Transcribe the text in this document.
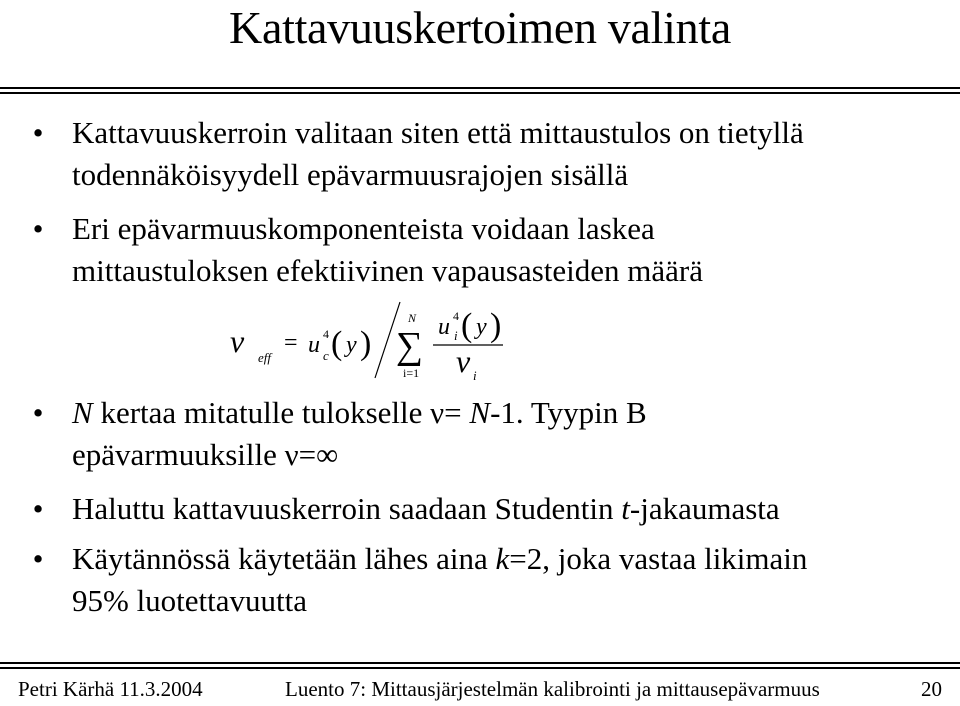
Kattavuuskertoimen valinta
• Kattavuuskerroin valitaan siten että mittaustulos on tietyllä
todennäköisyydell epävarmuusrajojen sisällä
• Eri epävarmuuskomponenteista voidaan laskea
mittaustuloksen efektiivinen vapausasteiden määrä
ν eff
= u 4
c ( y )
N
∑
i=1
u 4
i ( y )
ν i
• N kertaa mitatulle tulokselle ν= N-1. Tyypin B
epävarmuuksille ν=∞
• Haluttu kattavuuskerroin saadaan Studentin t-jakaumasta
• Käytännössä käytetään lähes aina k=2, joka vastaa likimain
95% luotettavuutta
Petri Kärhä 11.3.2004	Luento 7: Mittausjärjestelmän kalibrointi ja mittausepävarmuus	20
